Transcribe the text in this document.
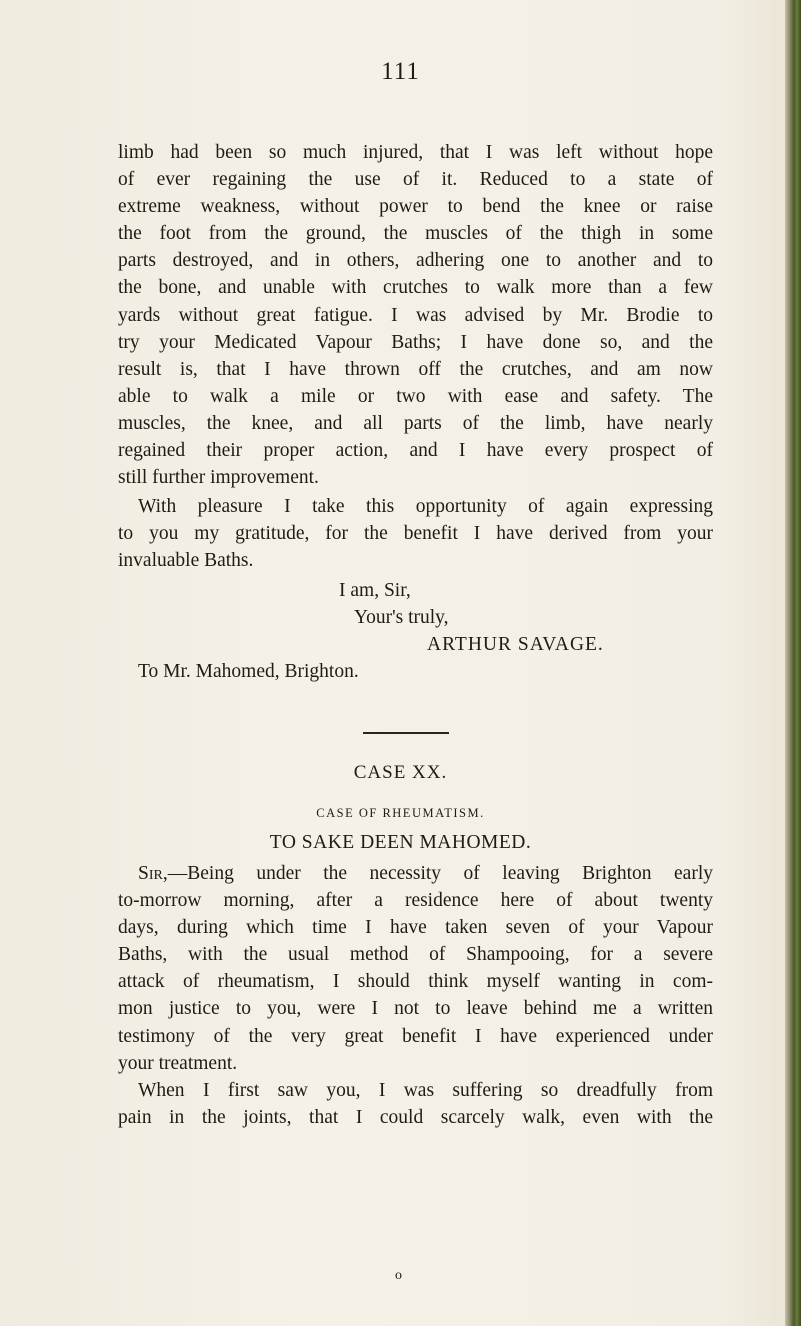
111
limb had been so much injured, that I was left without hope
of ever regaining the use of it. Reduced to a state of
extreme weakness, without power to bend the knee or raise
the foot from the ground, the muscles of the thigh in some
parts destroyed, and in others, adhering one to another and to
the bone, and unable with crutches to walk more than a few
yards without great fatigue. I was advised by Mr. Brodie to
try your Medicated Vapour Baths; I have done so, and the
result is, that I have thrown off the crutches, and am now
able to walk a mile or two with ease and safety. The
muscles, the knee, and all parts of the limb, have nearly
regained their proper action, and I have every prospect of
still further improvement.
With pleasure I take this opportunity of again expressing
to you my gratitude, for the benefit I have derived from your
invaluable Baths.
I am, Sir,
Your's truly,
ARTHUR SAVAGE.
To Mr. Mahomed, Brighton.
CASE XX.
CASE OF RHEUMATISM.
TO SAKE DEEN MAHOMED.
Sir,—Being under the necessity of leaving Brighton early
to-morrow morning, after a residence here of about twenty
days, during which time I have taken seven of your Vapour
Baths, with the usual method of Shampooing, for a severe
attack of rheumatism, I should think myself wanting in com-
mon justice to you, were I not to leave behind me a written
testimony of the very great benefit I have experienced under
your treatment.
When I first saw you, I was suffering so dreadfully from
pain in the joints, that I could scarcely walk, even with the
o
